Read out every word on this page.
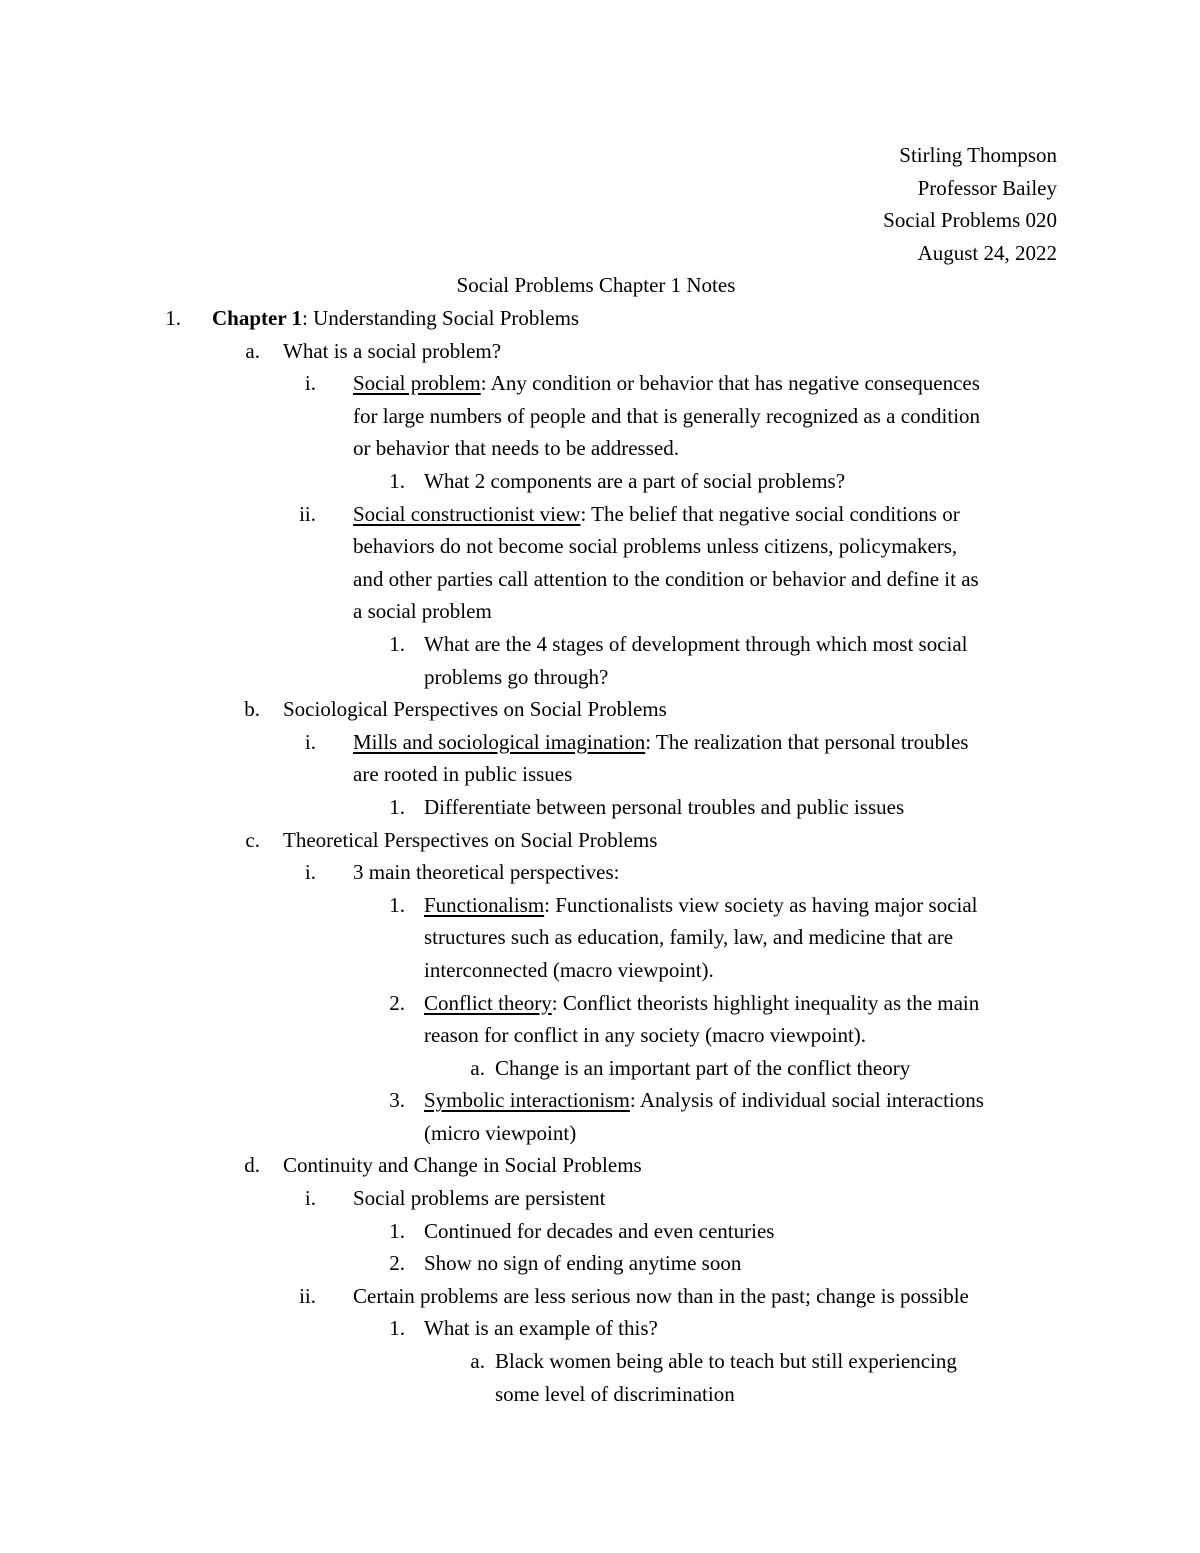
Stirling Thompson
Professor Bailey
Social Problems 020
August 24, 2022
Social Problems Chapter 1 Notes
1. Chapter 1: Understanding Social Problems
a. What is a social problem?
i. Social problem: Any condition or behavior that has negative consequences
for large numbers of people and that is generally recognized as a condition
or behavior that needs to be addressed.
1. What 2 components are a part of social problems?
ii. Social constructionist view: The belief that negative social conditions or
behaviors do not become social problems unless citizens, policymakers,
and other parties call attention to the condition or behavior and define it as
a social problem
1. What are the 4 stages of development through which most social
problems go through?
b. Sociological Perspectives on Social Problems
i. Mills and sociological imagination: The realization that personal troubles
are rooted in public issues
1. Differentiate between personal troubles and public issues
c. Theoretical Perspectives on Social Problems
i. 3 main theoretical perspectives:
1. Functionalism: Functionalists view society as having major social
structures such as education, family, law, and medicine that are
interconnected (macro viewpoint).
2. Conflict theory: Conflict theorists highlight inequality as the main
reason for conflict in any society (macro viewpoint).
a. Change is an important part of the conflict theory
3. Symbolic interactionism: Analysis of individual social interactions
(micro viewpoint)
d. Continuity and Change in Social Problems
i. Social problems are persistent
1. Continued for decades and even centuries
2. Show no sign of ending anytime soon
ii. Certain problems are less serious now than in the past; change is possible
1. What is an example of this?
a. Black women being able to teach but still experiencing
some level of discrimination
